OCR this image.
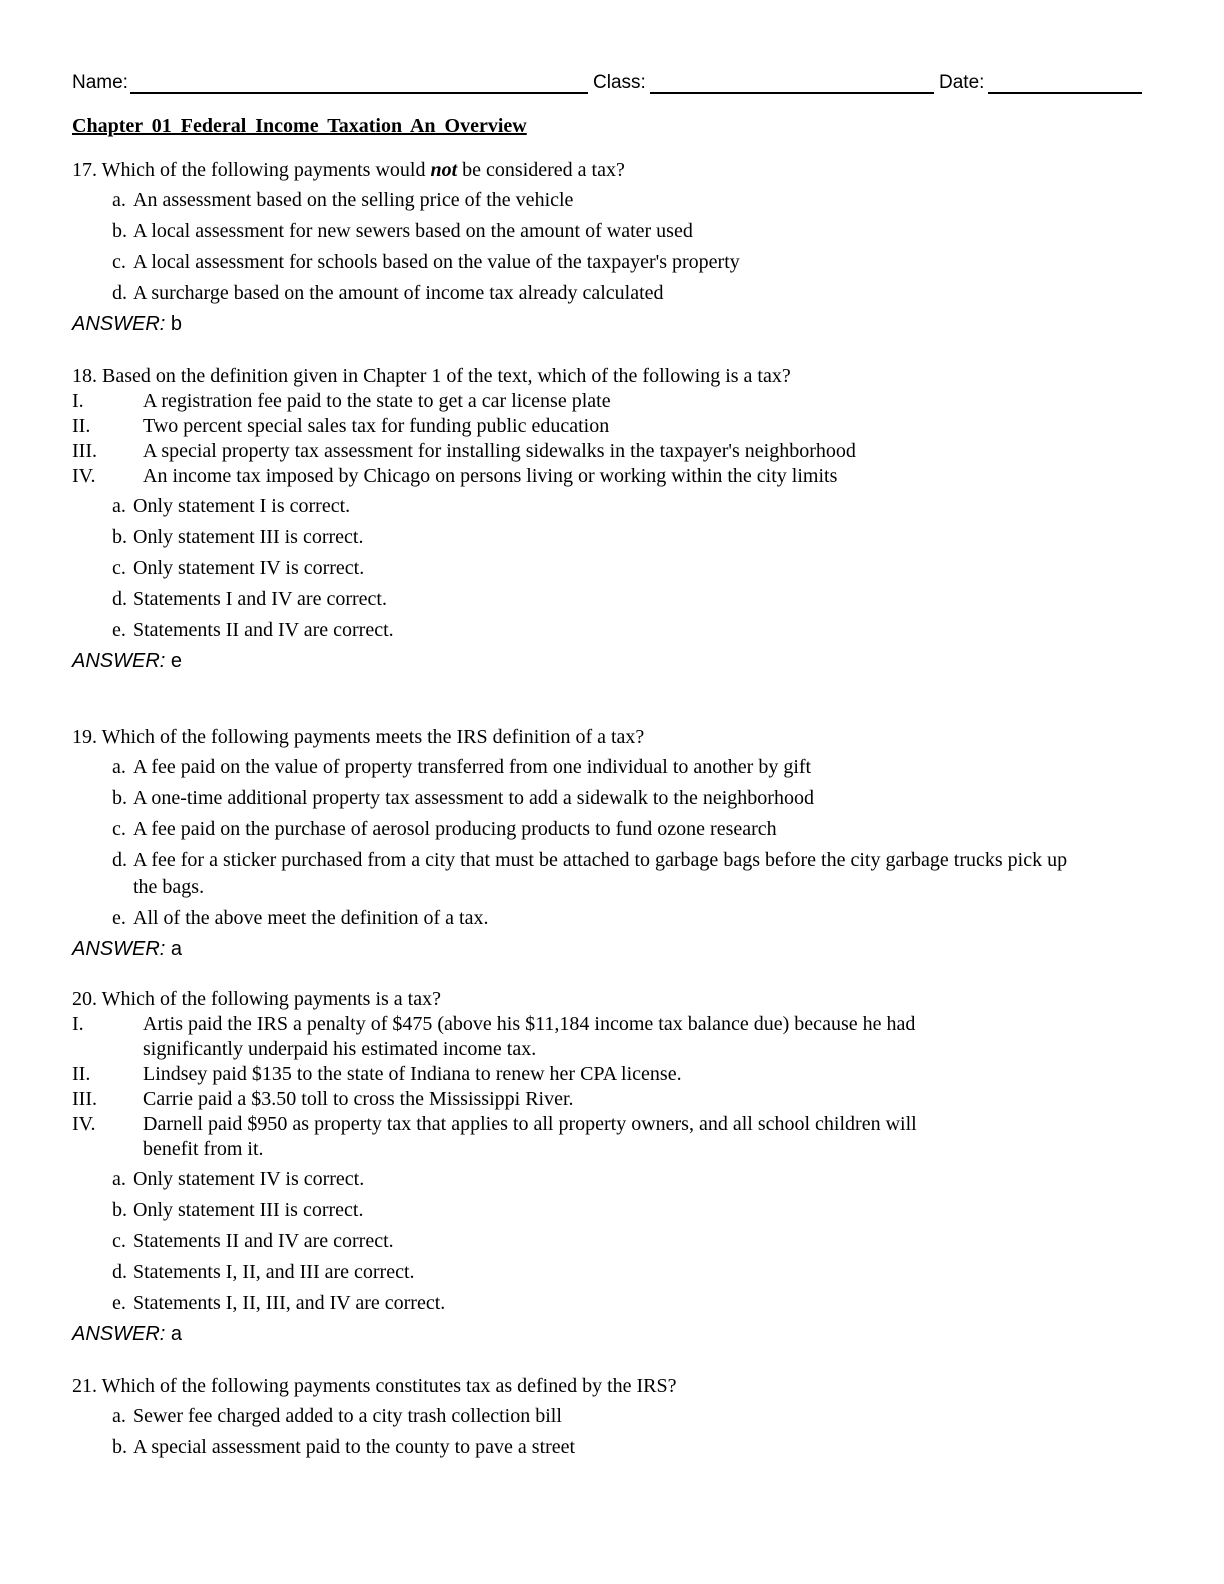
Name:	Class:	Date:
Chapter 01 Federal Income Taxation An Overview

17. Which of the following payments would not be considered a tax?

a. An assessment based on the selling price of the vehicle
b. A local assessment for new sewers based on the amount of water used
c. A local assessment for schools based on the value of the taxpayer's property
d. A surcharge based on the amount of income tax already calculated
ANSWER: b

18. Based on the definition given in Chapter 1 of the text, which of the following is a tax?

I.	A registration fee paid to the state to get a car license plate

II.	Two percent special sales tax for funding public education

III. A special property tax assessment for installing sidewalks in the taxpayer's neighborhood

IV. An income tax imposed by Chicago on persons living or working within the city limits

a. Only statement I is correct.
b. Only statement III is correct.
c. Only statement IV is correct.
d. Statements I and IV are correct.
e. Statements II and IV are correct.
ANSWER: e

19. Which of the following payments meets the IRS definition of a tax?

a. A fee paid on the value of property transferred from one individual to another by gift
b. A one-time additional property tax assessment to add a sidewalk to the neighborhood
c. A fee paid on the purchase of aerosol producing products to fund ozone research
d. A fee for a sticker purchased from a city that must be attached to garbage bags before the city garbage trucks pick up the bags.
e. All of the above meet the definition of a tax.
ANSWER: a

20. Which of the following payments is a tax?

I.	Artis paid the IRS a penalty of $475 (above his $11,184 income tax balance due) because he had significantly underpaid his estimated income tax.

II.	Lindsey paid $135 to the state of Indiana to renew her CPA license.

III. Carrie paid a $3.50 toll to cross the Mississippi River.

IV. Darnell paid $950 as property tax that applies to all property owners, and all school children will benefit from it.

a. Only statement IV is correct.
b. Only statement III is correct.
c. Statements II and IV are correct.
d. Statements I, II, and III are correct.
e. Statements I, II, III, and IV are correct.
ANSWER: a

21. Which of the following payments constitutes tax as defined by the IRS?

a. Sewer fee charged added to a city trash collection bill
b. A special assessment paid to the county to pave a street
